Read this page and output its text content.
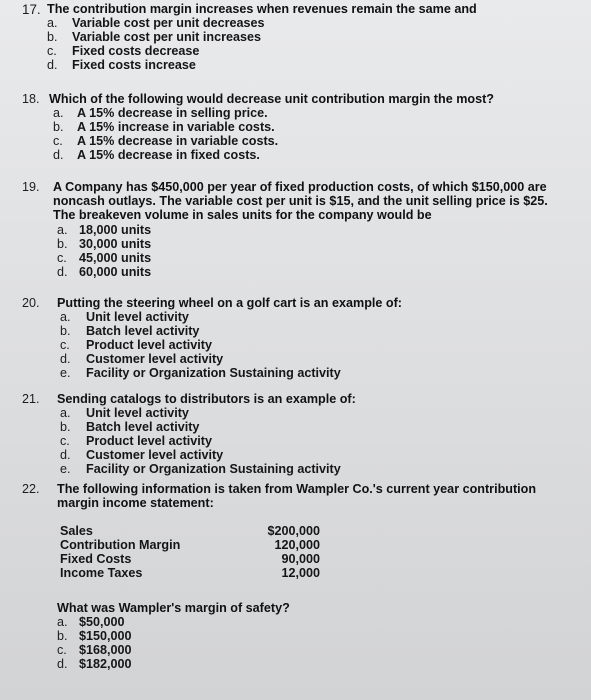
17. The contribution margin increases when revenues remain the same and
a. Variable cost per unit decreases
b. Variable cost per unit increases
c. Fixed costs decrease
d. Fixed costs increase
18. Which of the following would decrease unit contribution margin the most?
a. A 15% decrease in selling price.
b. A 15% increase in variable costs.
c. A 15% decrease in variable costs.
d. A 15% decrease in fixed costs.
19. A Company has $450,000 per year of fixed production costs, of which $150,000 are
noncash outlays. The variable cost per unit is $15, and the unit selling price is $25.
The breakeven volume in sales units for the company would be
a. 18,000 units
b. 30,000 units
c. 45,000 units
d. 60,000 units
20. Putting the steering wheel on a golf cart is an example of:
a. Unit level activity
b. Batch level activity
c. Product level activity
d. Customer level activity
e. Facility or Organization Sustaining activity
21. Sending catalogs to distributors is an example of:
a. Unit level activity
b. Batch level activity
c. Product level activity
d. Customer level activity
e. Facility or Organization Sustaining activity
22. The following information is taken from Wampler Co.'s current year contribution
margin income statement:
Sales	$200,000
Contribution Margin	120,000
Fixed Costs	90,000
Income Taxes	12,000
What was Wampler's margin of safety?
a. $50,000
b. $150,000
c. $168,000
d. $182,000
